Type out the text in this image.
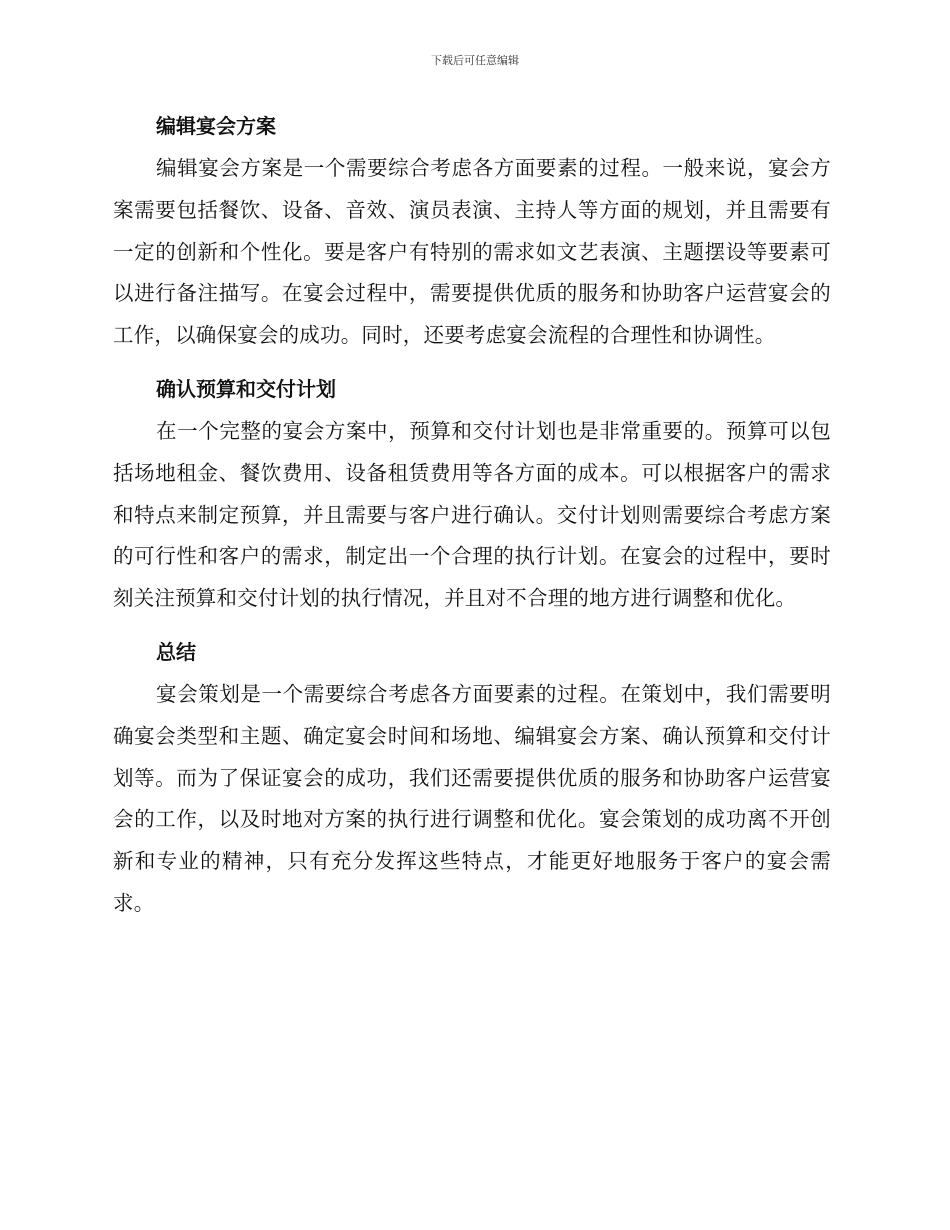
下载后可任意编辑
编辑宴会方案

编辑宴会方案是一个需要综合考虑各方面要素的过程。一般来说，宴会方案需要包括餐饮、设备、音效、演员表演、主持人等方面的规划，并且需要有一定的创新和个性化。要是客户有特别的需求如文艺表演、主题摆设等要素可以进行备注描写。在宴会过程中，需要提供优质的服务和协助客户运营宴会的工作，以确保宴会的成功。同时，还要考虑宴会流程的合理性和协调性。

确认预算和交付计划

在一个完整的宴会方案中，预算和交付计划也是非常重要的。预算可以包括场地租金、餐饮费用、设备租赁费用等各方面的成本。可以根据客户的需求和特点来制定预算，并且需要与客户进行确认。交付计划则需要综合考虑方案的可行性和客户的需求，制定出一个合理的执行计划。在宴会的过程中，要时刻关注预算和交付计划的执行情况，并且对不合理的地方进行调整和优化。

总结

宴会策划是一个需要综合考虑各方面要素的过程。在策划中，我们需要明确宴会类型和主题、确定宴会时间和场地、编辑宴会方案、确认预算和交付计划等。而为了保证宴会的成功，我们还需要提供优质的服务和协助客户运营宴会的工作，以及时地对方案的执行进行调整和优化。宴会策划的成功离不开创新和专业的精神，只有充分发挥这些特点，才能更好地服务于客户的宴会需求。
